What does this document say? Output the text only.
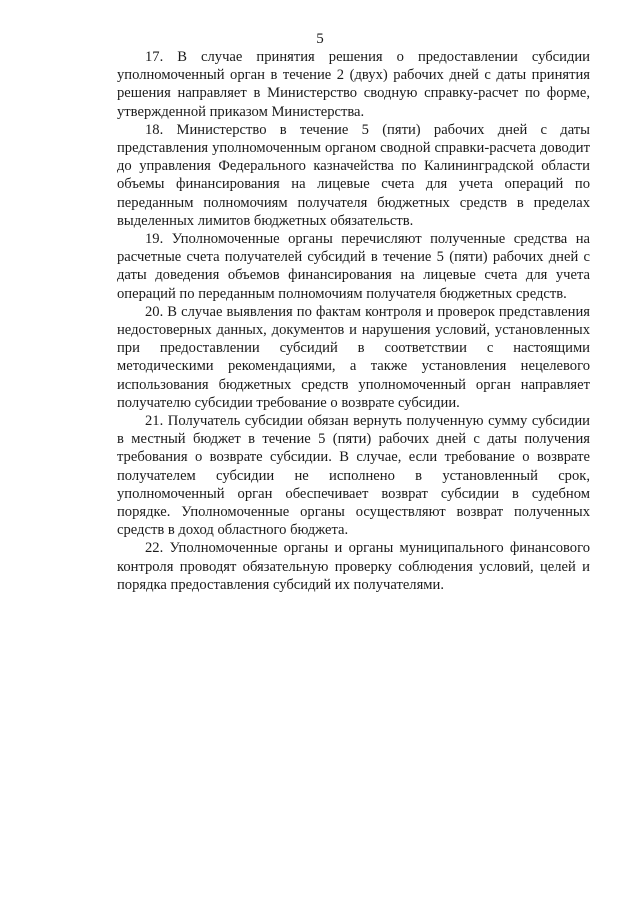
5

17. В случае принятия решения о предоставлении субсидии уполномоченный орган в течение 2 (двух) рабочих дней с даты принятия решения направляет в Министерство сводную справку-расчет по форме, утвержденной приказом Министерства.

18. Министерство в течение 5 (пяти) рабочих дней с даты представления уполномоченным органом сводной справки-расчета доводит до управления Федерального казначейства по Калининградской области объемы финансирования на лицевые счета для учета операций по переданным полномочиям получателя бюджетных средств в пределах выделенных лимитов бюджетных обязательств.

19. Уполномоченные органы перечисляют полученные средства на расчетные счета получателей субсидий в течение 5 (пяти) рабочих дней с даты доведения объемов финансирования на лицевые счета для учета операций по переданным полномочиям получателя бюджетных средств.

20. В случае выявления по фактам контроля и проверок представления недостоверных данных, документов и нарушения условий, установленных при предоставлении субсидий в соответствии с настоящими методическими рекомендациями, а также установления нецелевого использования бюджетных средств уполномоченный орган направляет получателю субсидии требование о возврате субсидии.

21. Получатель субсидии обязан вернуть полученную сумму субсидии в местный бюджет в течение 5 (пяти) рабочих дней с даты получения требования о возврате субсидии. В случае, если требование о возврате получателем субсидии не исполнено в установленный срок, уполномоченный орган обеспечивает возврат субсидии в судебном порядке. Уполномоченные органы осуществляют возврат полученных средств в доход областного бюджета.

22. Уполномоченные органы и органы муниципального финансового контроля проводят обязательную проверку соблюдения условий, целей и порядка предоставления субсидий их получателями.
